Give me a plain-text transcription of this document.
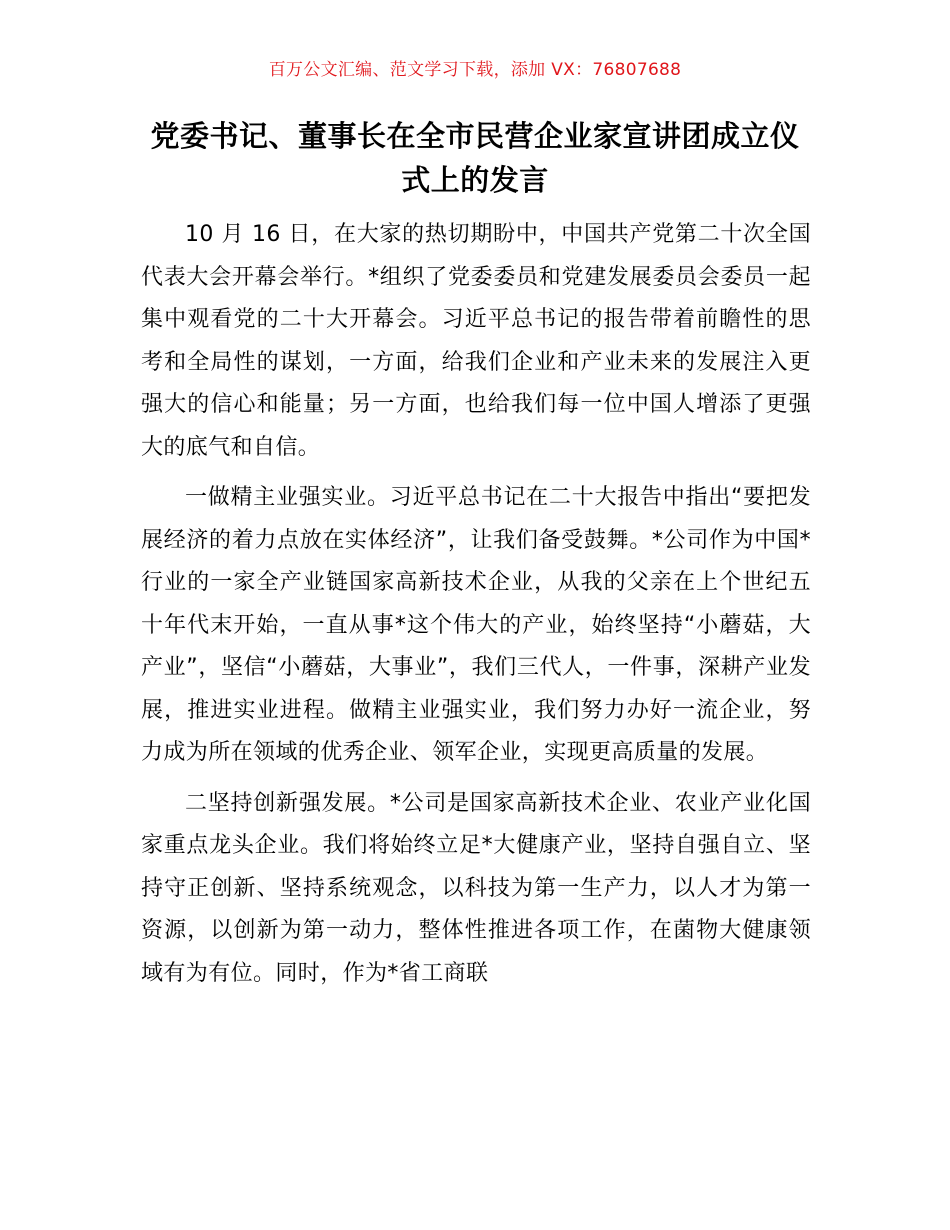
百万公文汇编、范文学习下载，添加 VX：76807688
党委书记、董事长在全市民营企业家宣讲团成立仪式上的发言

10 月 16 日，在大家的热切期盼中，中国共产党第二十次全国代表大会开幕会举行。*组织了党委委员和党建发展委员会委员一起集中观看党的二十大开幕会。习近平总书记的报告带着前瞻性的思考和全局性的谋划，一方面，给我们企业和产业未来的发展注入更强大的信心和能量；另一方面，也给我们每一位中国人增添了更强大的底气和自信。

一做精主业强实业。习近平总书记在二十大报告中指出“要把发展经济的着力点放在实体经济”，让我们备受鼓舞。*公司作为中国*行业的一家全产业链国家高新技术企业，从我的父亲在上个世纪五十年代末开始，一直从事*这个伟大的产业，始终坚持“小蘑菇，大产业”，坚信“小蘑菇，大事业”，我们三代人，一件事，深耕产业发展，推进实业进程。做精主业强实业，我们努力办好一流企业，努力成为所在领域的优秀企业、领军企业，实现更高质量的发展。

二坚持创新强发展。*公司是国家高新技术企业、农业产业化国家重点龙头企业。我们将始终立足*大健康产业，坚持自强自立、坚持守正创新、坚持系统观念，以科技为第一生产力，以人才为第一资源，以创新为第一动力，整体性推进各项工作，在菌物大健康领域有为有位。同时，作为*省工商联
